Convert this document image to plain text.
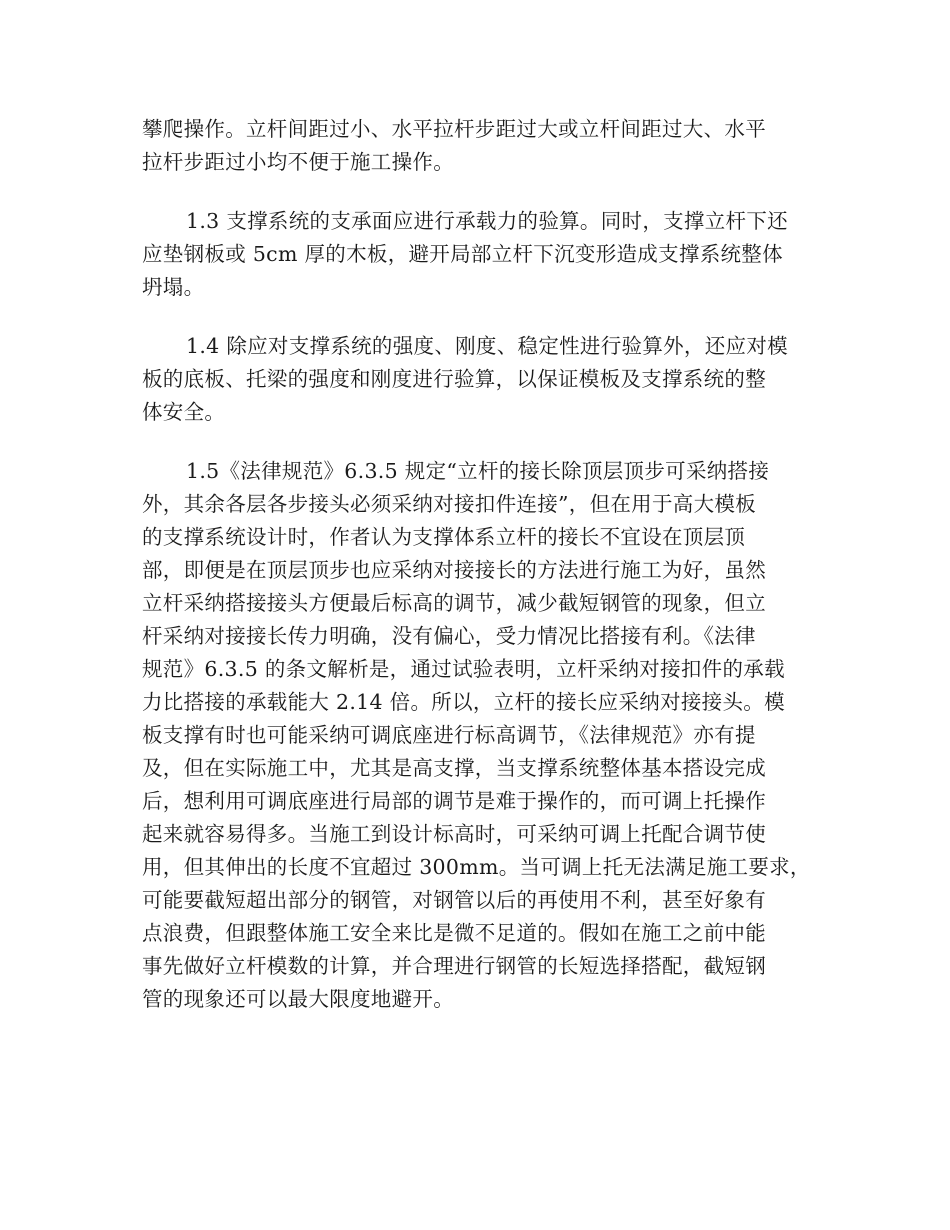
攀爬操作。立杆间距过小、水平拉杆步距过大或立杆间距过大、水平
拉杆步距过小均不便于施工操作。
1.3 支撑系统的支承面应进行承载力的验算。同时，支撑立杆下还
应垫钢板或 5cm 厚的木板，避开局部立杆下沉变形造成支撑系统整体
坍塌。
1.4 除应对支撑系统的强度、刚度、稳定性进行验算外，还应对模
板的底板、托梁的强度和刚度进行验算，以保证模板及支撑系统的整
体安全。
1.5《法律规范》6.3.5 规定“立杆的接长除顶层顶步可采纳搭接
外，其余各层各步接头必须采纳对接扣件连接”，但在用于高大模板
的支撑系统设计时，作者认为支撑体系立杆的接长不宜设在顶层顶
部，即便是在顶层顶步也应采纳对接接长的方法进行施工为好，虽然
立杆采纳搭接接头方便最后标高的调节，减少截短钢管的现象，但立
杆采纳对接接长传力明确，没有偏心，受力情况比搭接有利。《法律
规范》6.3.5 的条文解析是，通过试验表明，立杆采纳对接扣件的承载
力比搭接的承载能大 2.14 倍。所以，立杆的接长应采纳对接接头。模
板支撑有时也可能采纳可调底座进行标高调节，《法律规范》亦有提
及，但在实际施工中，尤其是高支撑，当支撑系统整体基本搭设完成
后，想利用可调底座进行局部的调节是难于操作的，而可调上托操作
起来就容易得多。当施工到设计标高时，可采纳可调上托配合调节使
用，但其伸出的长度不宜超过 300mm。当可调上托无法满足施工要求，
可能要截短超出部分的钢管，对钢管以后的再使用不利，甚至好象有
点浪费，但跟整体施工安全来比是微不足道的。假如在施工之前中能
事先做好立杆模数的计算，并合理进行钢管的长短选择搭配，截短钢
管的现象还可以最大限度地避开。
